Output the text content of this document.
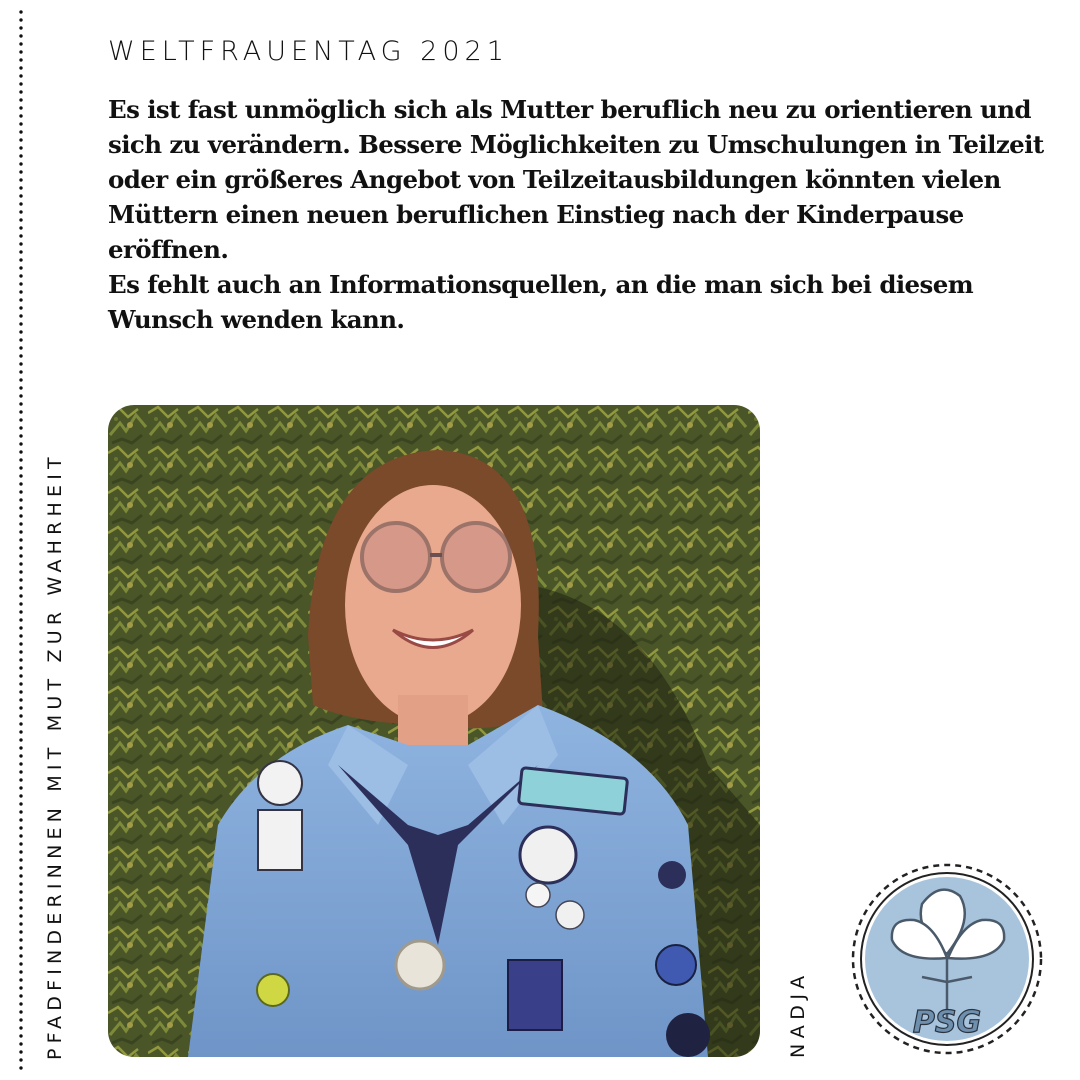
WELTFRAUENTAG 2021

Es ist fast unmöglich sich als Mutter beruflich neu zu orientieren und sich zu verändern. Bessere Möglichkeiten zu Umschulungen in Teilzeit

oder ein größeres Angebot von Teilzeitausbildungen könnten vielen Müttern einen neuen beruflichen Einstieg nach der Kinderpause eröffnen.

Es fehlt auch an Informationsquellen, an die man sich bei diesem Wunsch wenden kann.

PFADFINDERINNEN MIT MUT ZUR WAHRHEIT	NADJA	PSG
